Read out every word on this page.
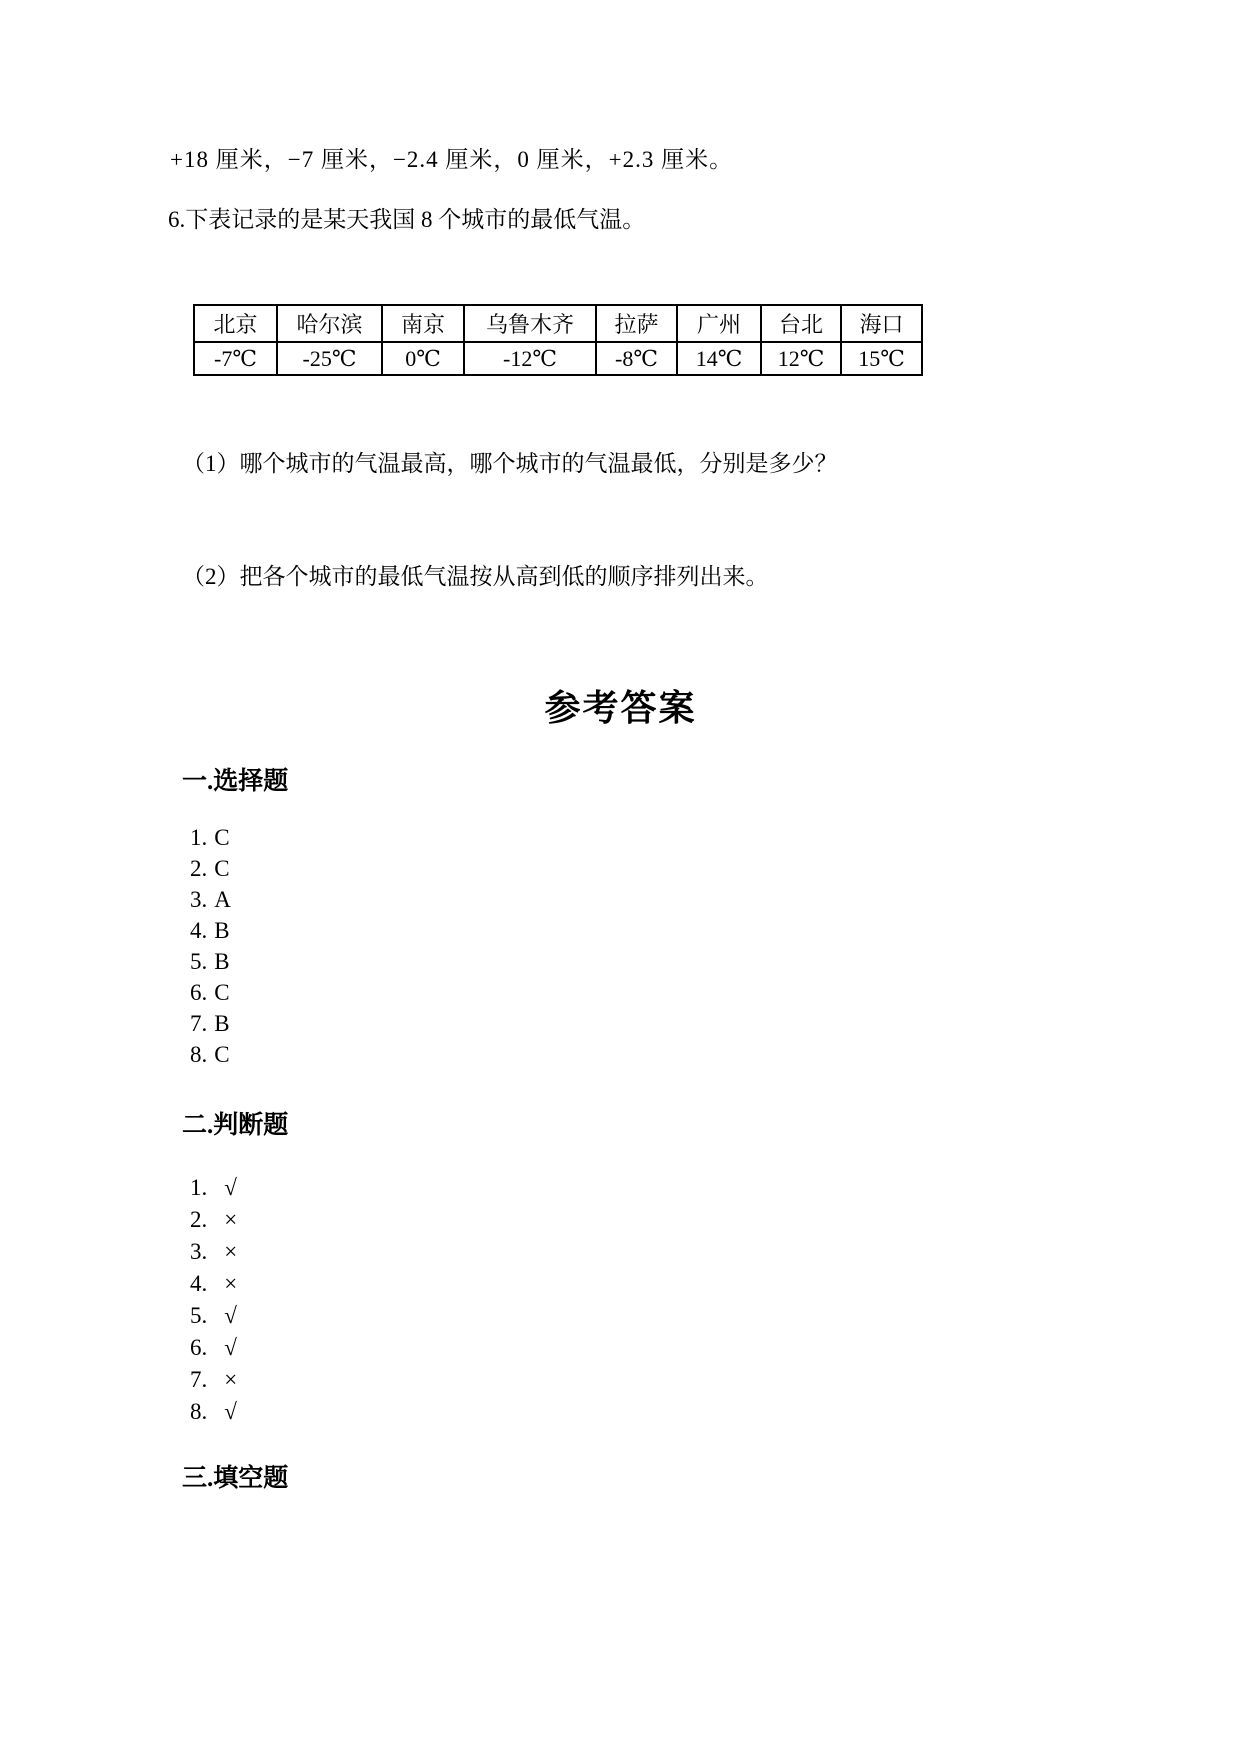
+18 厘米，−7 厘米，−2.4 厘米，0 厘米，+2.3 厘米。
6.下表记录的是某天我国 8 个城市的最低气温。
北京	哈尔滨	南京	乌鲁木齐	拉萨	广州	台北	海口
-7℃	-25℃	0℃	-12℃	-8℃	14℃	12℃	15℃
（1）哪个城市的气温最高，哪个城市的气温最低，分别是多少？
（2）把各个城市的最低气温按从高到低的顺序排列出来。
参考答案
一.选择题
1. C
2. C
3. A
4. B
5. B
6. C
7. B
8. C
二.判断题
1. √
2. ×
3. ×
4. ×
5. √
6. √
7. ×
8. √
三.填空题
